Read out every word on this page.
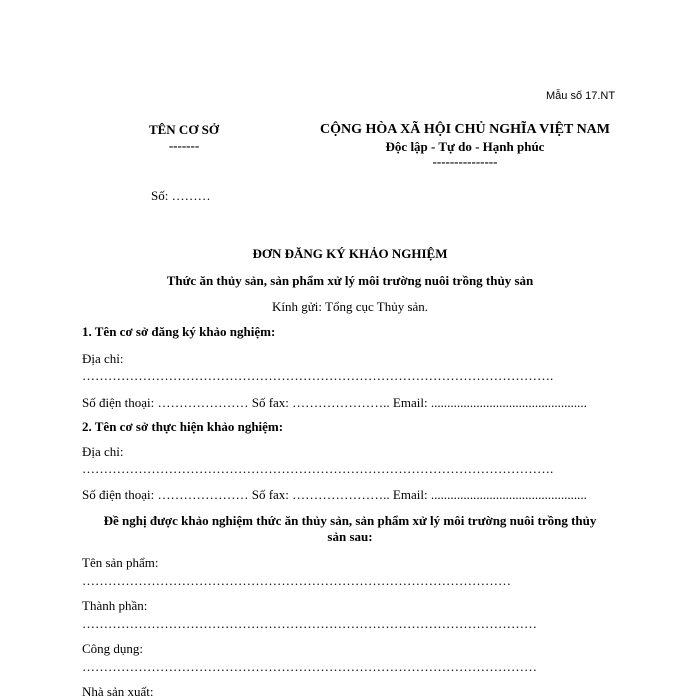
Mẫu số 17.NT
TÊN CƠ SỞ
-------
CỘNG HÒA XÃ HỘI CHỦ NGHĨA VIỆT NAM
Độc lập - Tự do - Hạnh phúc
---------------
Số: ………
ĐƠN ĐĂNG KÝ KHẢO NGHIỆM
Thức ăn thủy sản, sản phẩm xử lý môi trường nuôi trồng thủy sản
Kính gửi: Tổng cục Thủy sản.
1. Tên cơ sở đăng ký khảo nghiệm:
Địa chỉ:
……………………………………………………………………………………………….
Số điện thoại: ………………… Số fax: ………………….. Email: ................................................
2. Tên cơ sở thực hiện khảo nghiệm:
Địa chỉ:
……………………………………………………………………………………………….
Số điện thoại: ………………… Số fax: ………………….. Email: ................................................
Đề nghị được khảo nghiệm thức ăn thủy sản, sản phẩm xử lý môi trường nuôi trồng thủy
sản sau:
Tên sản phẩm:
………………………………………………………………………………………
Thành phần:
……………………………………………………………………………………………
Công dụng:
……………………………………………………………………………………………
Nhà sản xuất:
